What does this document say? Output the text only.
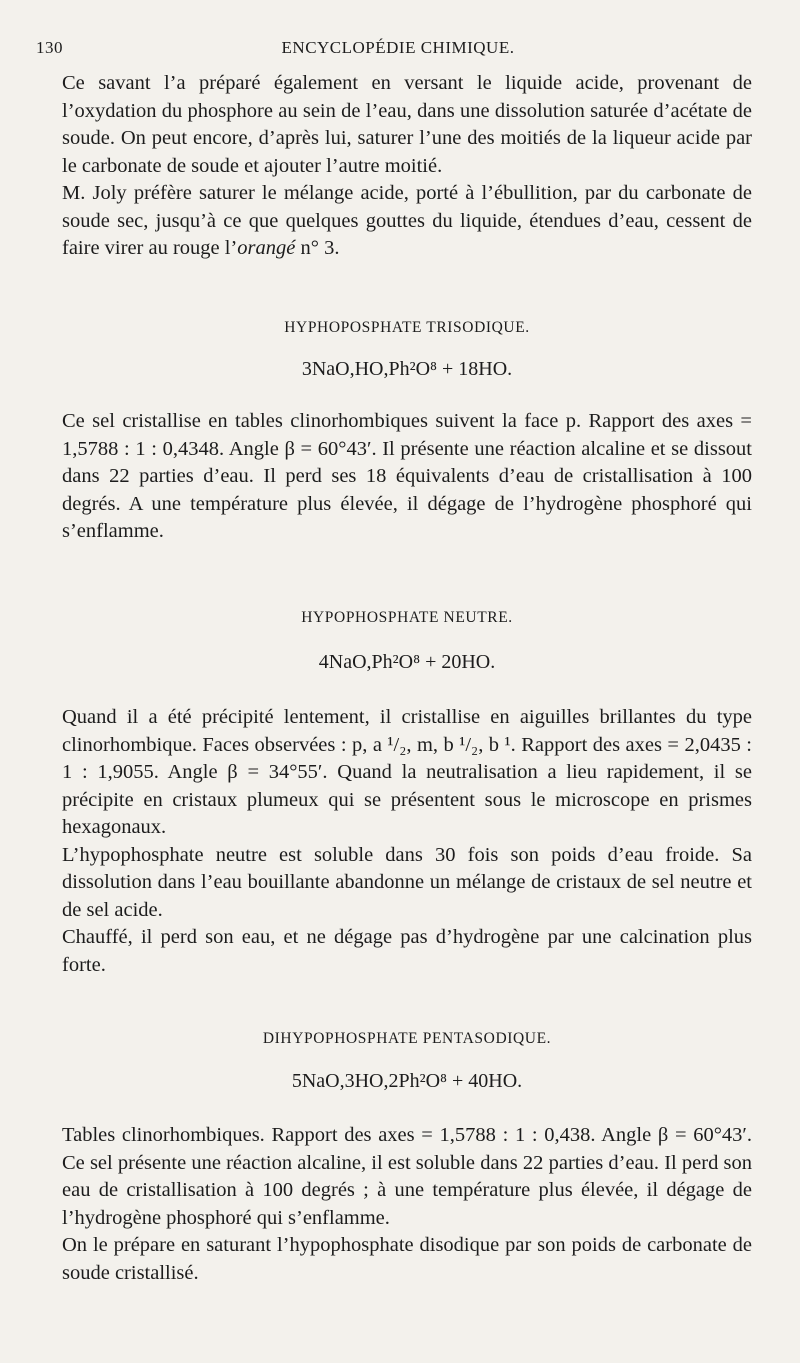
130	ENCYCLOPÉDIE CHIMIQUE.

Ce savant l’a préparé également en versant le liquide acide, provenant de l’oxydation du phosphore au sein de l’eau, dans une dissolution saturée d’acétate de soude. On peut encore, d’après lui, saturer l’une des moitiés de la liqueur acide par le carbonate de soude et ajouter l’autre moitié.

M. Joly préfère saturer le mélange acide, porté à l’ébullition, par du carbonate de soude sec, jusqu’à ce que quelques gouttes du liquide, étendues d’eau, cessent de faire virer au rouge l’orangé n° 3.

HYPHOPOSPHATE TRISODIQUE.
3NaO,HO,Ph²O⁸ + 18HO.

Ce sel cristallise en tables clinorhombiques suivent la face p. Rapport des axes = 1,5788 : 1 : 0,4348. Angle β = 60°43′. Il présente une réaction alcaline et se dissout dans 22 parties d’eau. Il perd ses 18 équivalents d’eau de cristallisation à 100 degrés. A une température plus élevée, il dégage de l’hydrogène phosphoré qui s’enflamme.

HYPOPHOSPHATE NEUTRE.
4NaO,Ph²O⁸ + 20HO.

Quand il a été précipité lentement, il cristallise en aiguilles brillantes du type clinorhombique. Faces observées : p, a ¹/₂, m, b ¹/₂, b ¹. Rapport des axes = 2,0435 : 1 : 1,9055. Angle β = 34°55′. Quand la neutralisation a lieu rapidement, il se précipite en cristaux plumeux qui se présentent sous le microscope en prismes hexagonaux.

L’hypophosphate neutre est soluble dans 30 fois son poids d’eau froide. Sa dissolution dans l’eau bouillante abandonne un mélange de cristaux de sel neutre et de sel acide.

Chauffé, il perd son eau, et ne dégage pas d’hydrogène par une calcination plus forte.

DIHYPOPHOSPHATE PENTASODIQUE.
5NaO,3HO,2Ph²O⁸ + 40HO.

Tables clinorhombiques. Rapport des axes = 1,5788 : 1 : 0,438. Angle β = 60°43′. Ce sel présente une réaction alcaline, il est soluble dans 22 parties d’eau. Il perd son eau de cristallisation à 100 degrés ; à une température plus élevée, il dégage de l’hydrogène phosphoré qui s’enflamme.

On le prépare en saturant l’hypophosphate disodique par son poids de carbonate de soude cristallisé.
